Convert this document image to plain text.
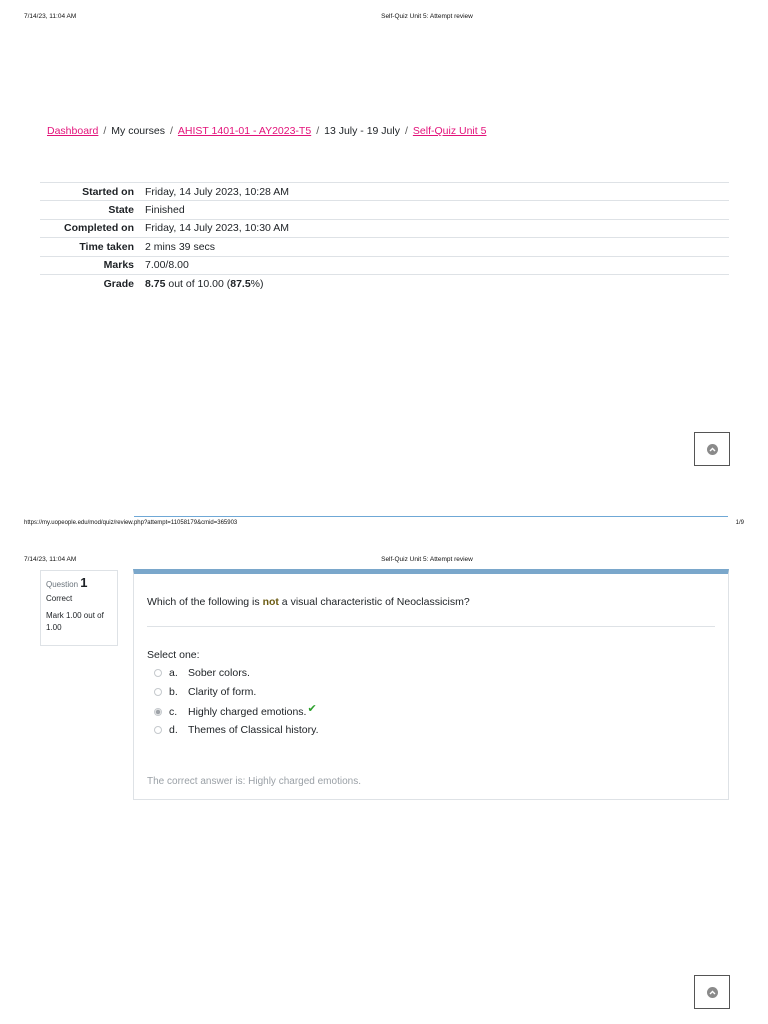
7/14/23, 11:04 AM	Self-Quiz Unit 5: Attempt review
Dashboard / My courses / AHIST 1401-01 - AY2023-T5 / 13 July - 19 July / Self-Quiz Unit 5
Started on	Friday, 14 July 2023, 10:28 AM
State	Finished
Completed on	Friday, 14 July 2023, 10:30 AM
Time taken	2 mins 39 secs
Marks	7.00/8.00
Grade	8.75 out of 10.00 (87.5%)
https://my.uopeople.edu/mod/quiz/review.php?attempt=11058179&cmid=365903	1/9
7/14/23, 11:04 AM	Self-Quiz Unit 5: Attempt review
Question 1
Correct
Mark 1.00 out of 1.00
Which of the following is not a visual characteristic of Neoclassicism?
Select one:
a. Sober colors.
b. Clarity of form.
c.	Highly charged emotions. ✔
d. Themes of Classical history.
The correct answer is: Highly charged emotions.
